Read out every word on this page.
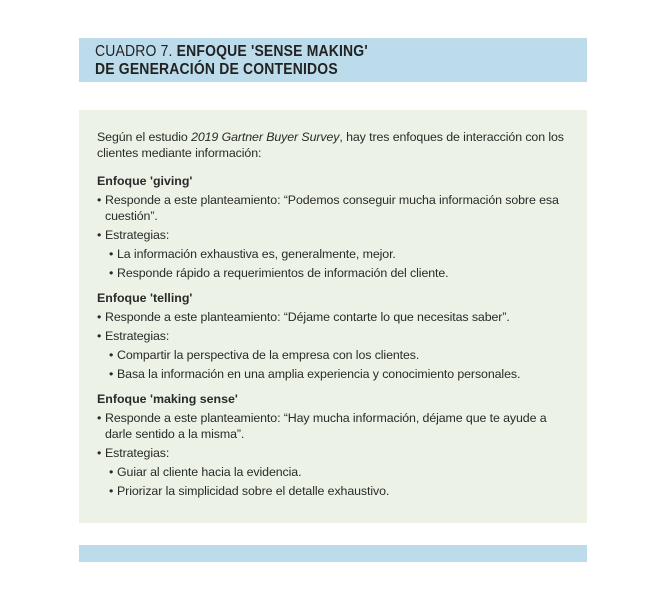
CUADRO 7. ENFOQUE 'SENSE MAKING'
DE GENERACIÓN DE CONTENIDOS
Según el estudio 2019 Gartner Buyer Survey, hay tres enfoques de interacción con los clientes mediante información:
Enfoque 'giving'
• Responde a este planteamiento: “Podemos conseguir mucha información sobre esa cuestión”.
• Estrategias:
• La información exhaustiva es, generalmente, mejor.
• Responde rápido a requerimientos de información del cliente.
Enfoque 'telling'
• Responde a este planteamiento: “Déjame contarte lo que necesitas saber”.
• Estrategias:
• Compartir la perspectiva de la empresa con los clientes.
• Basa la información en una amplia experiencia y conocimiento personales.
Enfoque 'making sense'
• Responde a este planteamiento: “Hay mucha información, déjame que te ayude a darle sentido a la misma”.
• Estrategias:
• Guiar al cliente hacia la evidencia.
• Priorizar la simplicidad sobre el detalle exhaustivo.
